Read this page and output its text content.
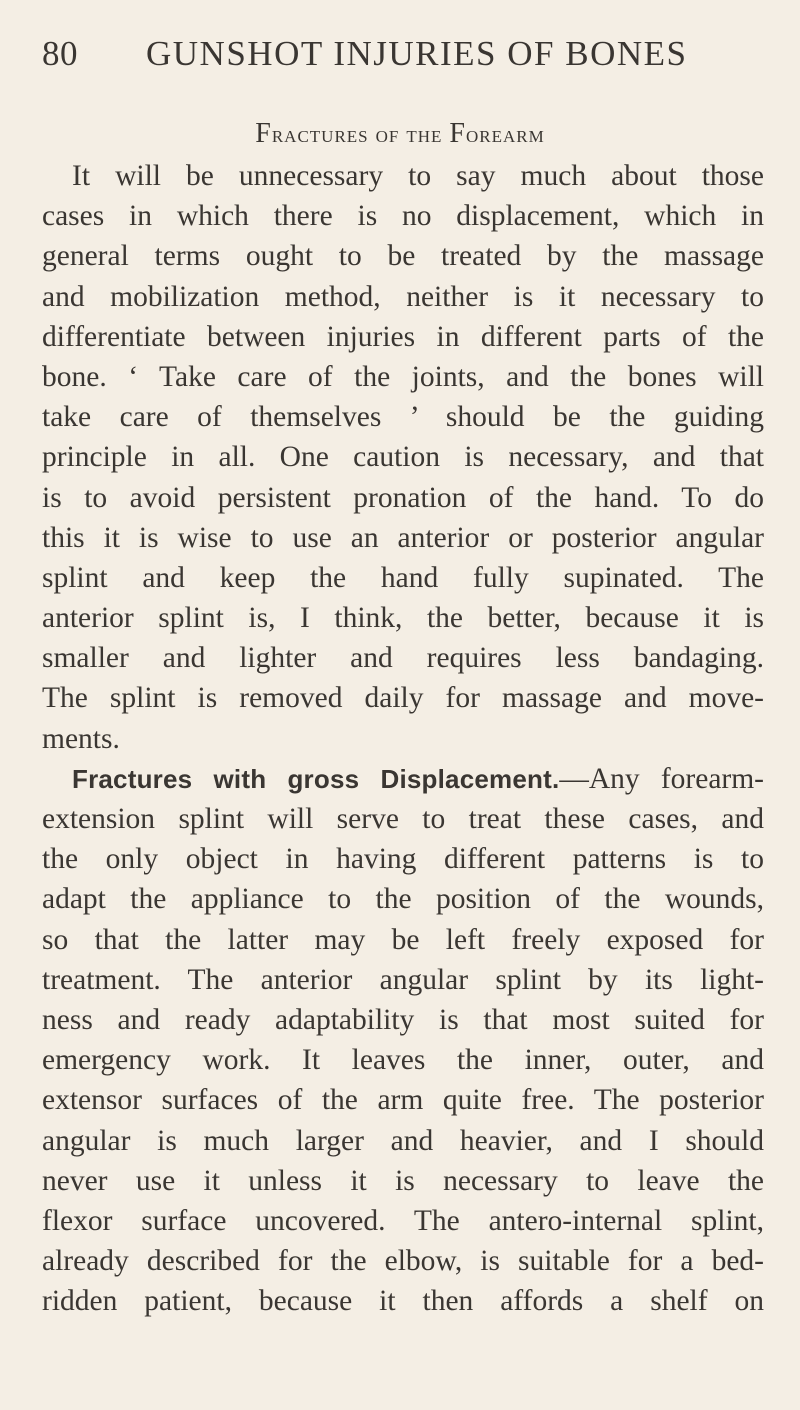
80 GUNSHOT INJURIES OF BONES
Fractures of the Forearm
It will be unnecessary to say much about those
cases in which there is no displacement, which in
general terms ought to be treated by the massage
and mobilization method, neither is it necessary to
differentiate between injuries in different parts of the
bone. ‘ Take care of the joints, and the bones will
take care of themselves ’ should be the guiding
principle in all. One caution is necessary, and that
is to avoid persistent pronation of the hand. To do
this it is wise to use an anterior or posterior angular
splint and keep the hand fully supinated. The
anterior splint is, I think, the better, because it is
smaller and lighter and requires less bandaging.
The splint is removed daily for massage and move-
ments.
Fractures with gross Displacement.—Any forearm-
extension splint will serve to treat these cases, and
the only object in having different patterns is to
adapt the appliance to the position of the wounds,
so that the latter may be left freely exposed for
treatment. The anterior angular splint by its light-
ness and ready adaptability is that most suited for
emergency work. It leaves the inner, outer, and
extensor surfaces of the arm quite free. The posterior
angular is much larger and heavier, and I should
never use it unless it is necessary to leave the
flexor surface uncovered. The antero-internal splint,
already described for the elbow, is suitable for a bed-
ridden patient, because it then affords a shelf on
